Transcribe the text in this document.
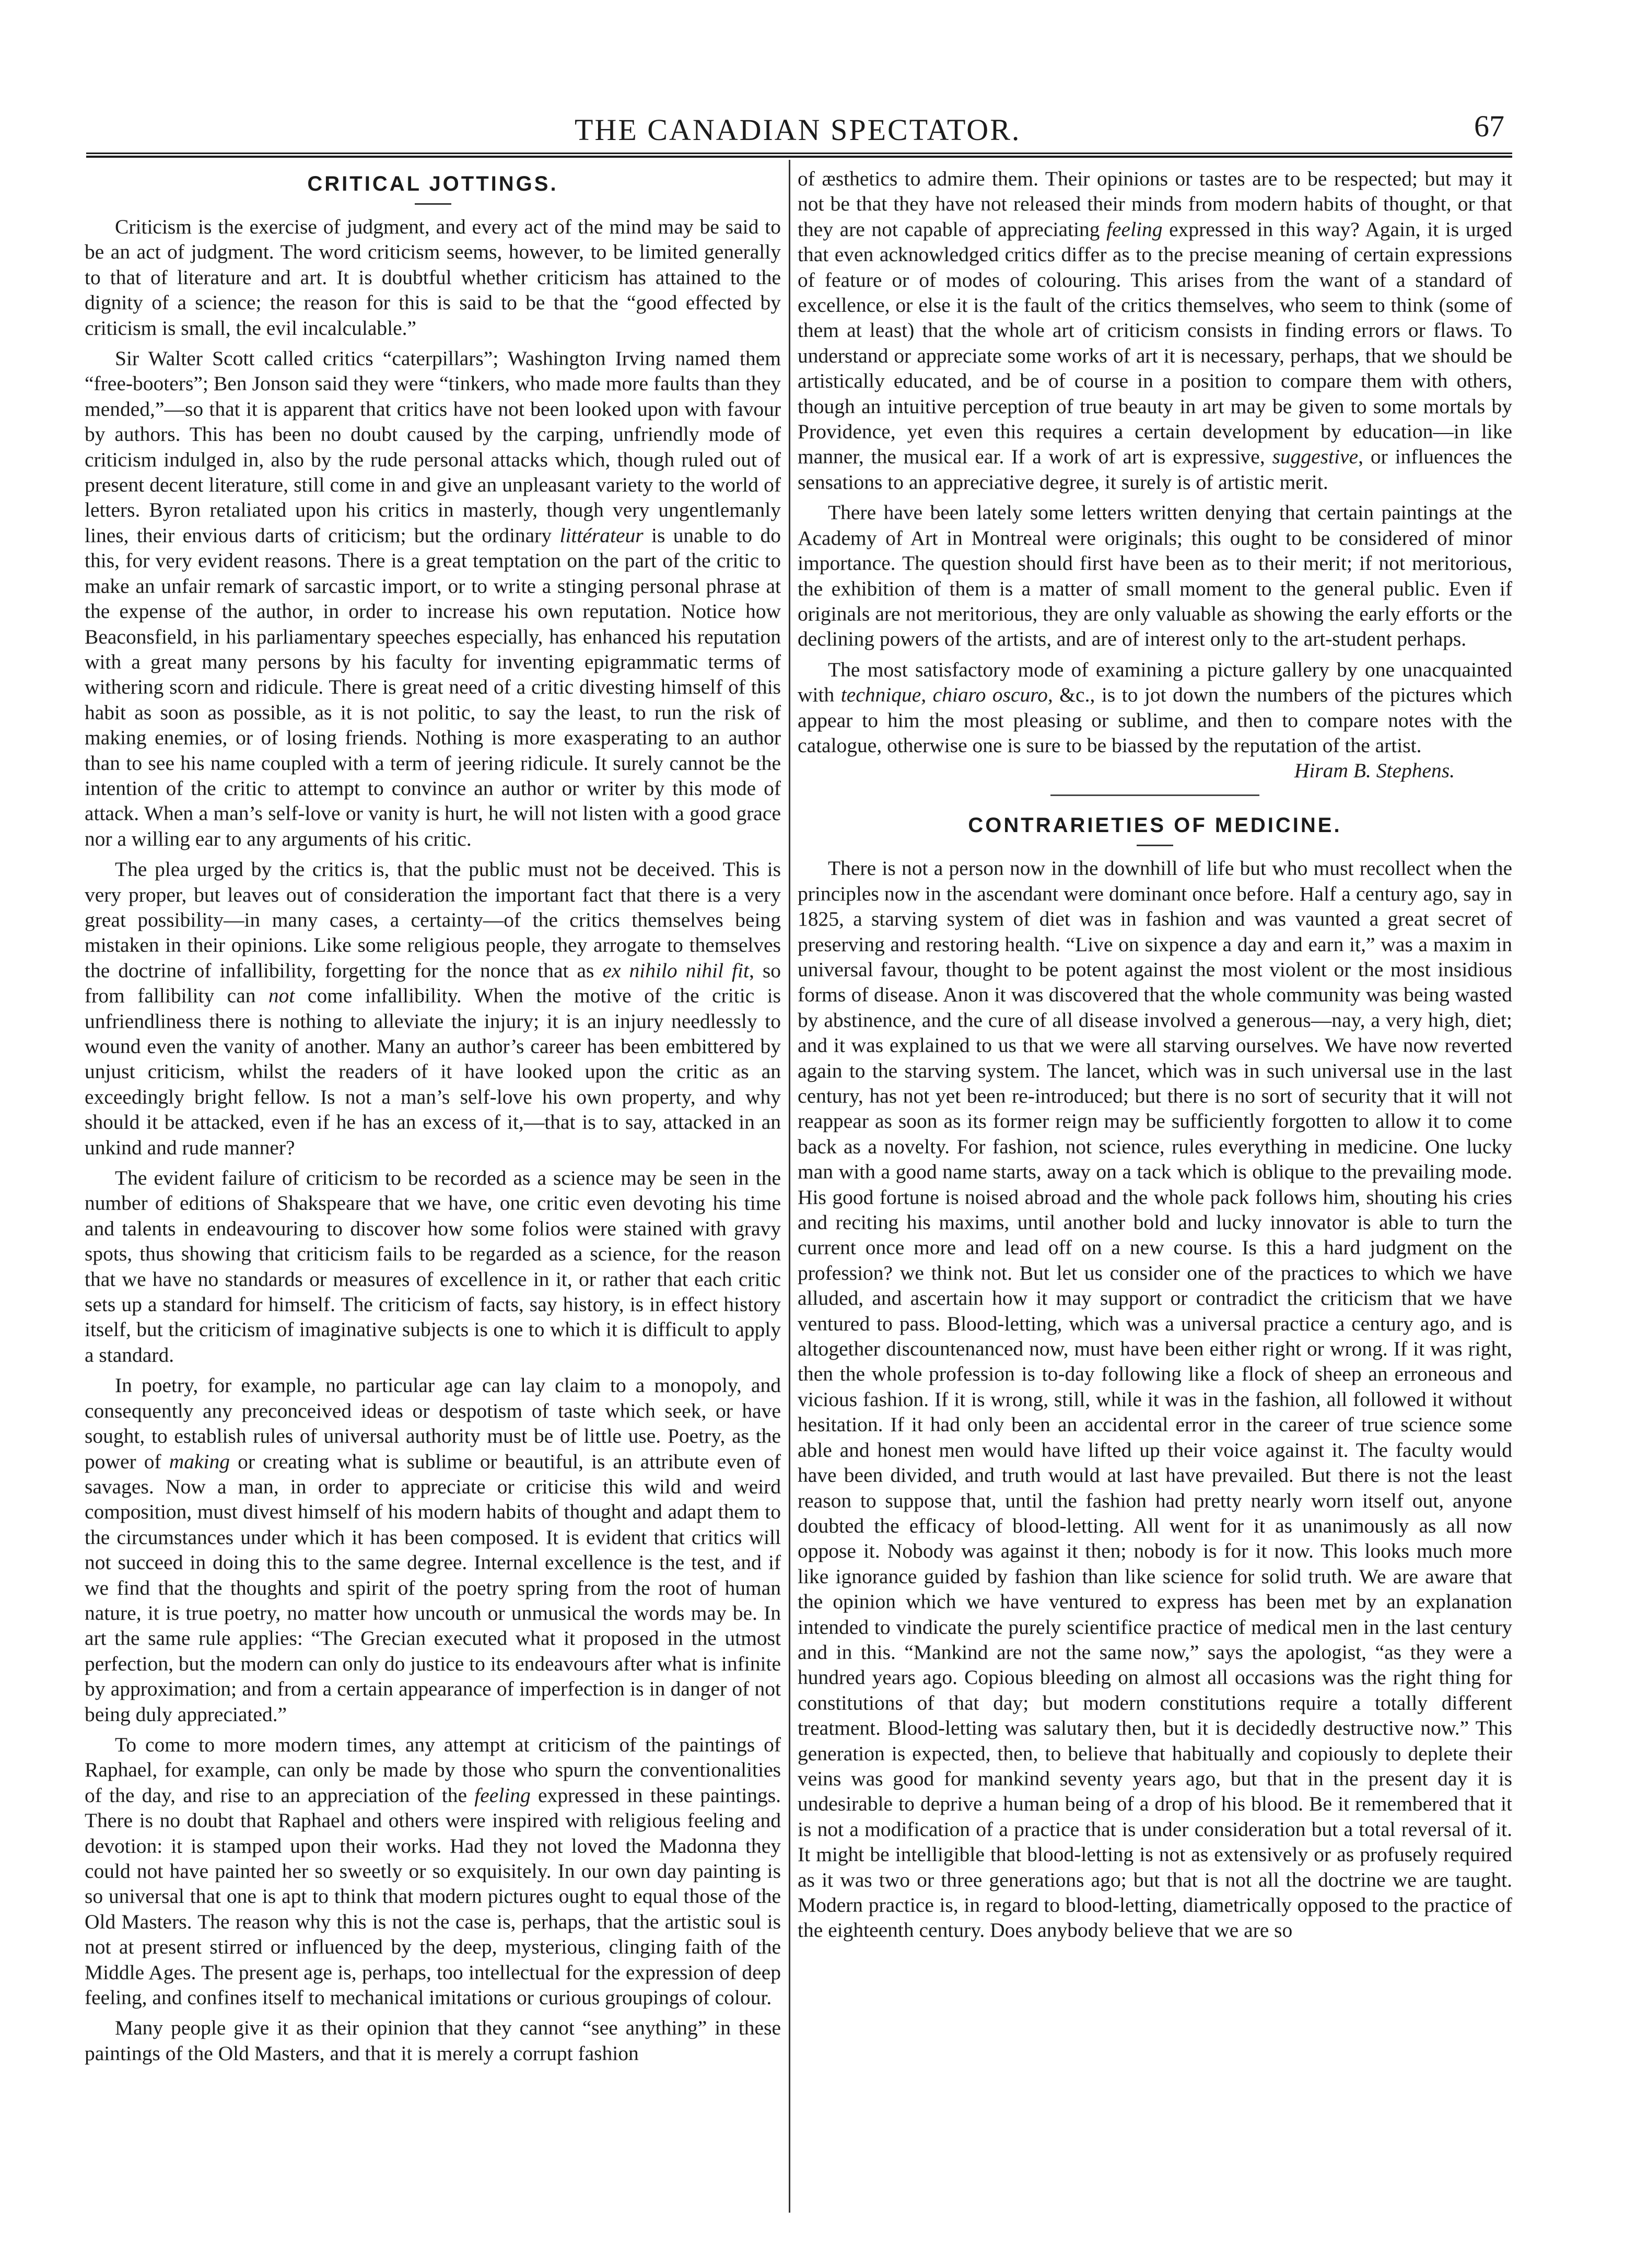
THE CANADIAN SPECTATOR.	67
CRITICAL JOTTINGS.

Criticism is the exercise of judgment, and every act of the mind may be said to be an act of judgment. The word criticism seems, however, to be limited generally to that of literature and art. It is doubtful whether criticism has attained to the dignity of a science; the reason for this is said to be that the “good effected by criticism is small, the evil incalculable.”

Sir Walter Scott called critics “caterpillars”; Washington Irving named them “free-booters”; Ben Jonson said they were “tinkers, who made more faults than they mended,”—so that it is apparent that critics have not been looked upon with favour by authors. This has been no doubt caused by the carping, unfriendly mode of criticism indulged in, also by the rude personal attacks which, though ruled out of present decent literature, still come in and give an unpleasant variety to the world of letters. Byron retaliated upon his critics in masterly, though very ungentlemanly lines, their envious darts of criticism; but the ordinary littérateur is unable to do this, for very evident reasons. There is a great temptation on the part of the critic to make an unfair remark of sarcastic import, or to write a stinging personal phrase at the expense of the author, in order to increase his own reputation. Notice how Beaconsfield, in his parliamentary speeches especially, has enhanced his reputation with a great many persons by his faculty for inventing epigrammatic terms of withering scorn and ridicule. There is great need of a critic divesting himself of this habit as soon as possible, as it is not politic, to say the least, to run the risk of making enemies, or of losing friends. Nothing is more exasperating to an author than to see his name coupled with a term of jeering ridicule. It surely cannot be the intention of the critic to attempt to convince an author or writer by this mode of attack. When a man’s self-love or vanity is hurt, he will not listen with a good grace nor a willing ear to any arguments of his critic.

The plea urged by the critics is, that the public must not be deceived. This is very proper, but leaves out of consideration the important fact that there is a very great possibility—in many cases, a certainty—of the critics themselves being mistaken in their opinions. Like some religious people, they arrogate to themselves the doctrine of infallibility, forgetting for the nonce that as ex nihilo nihil fit, so from fallibility can not come infallibility. When the motive of the critic is unfriendliness there is nothing to alleviate the injury; it is an injury needlessly to wound even the vanity of another. Many an author’s career has been embittered by unjust criticism, whilst the readers of it have looked upon the critic as an exceedingly bright fellow. Is not a man’s self-love his own property, and why should it be attacked, even if he has an excess of it,—that is to say, attacked in an unkind and rude manner?

The evident failure of criticism to be recorded as a science may be seen in the number of editions of Shakspeare that we have, one critic even devoting his time and talents in endeavouring to discover how some folios were stained with gravy spots, thus showing that criticism fails to be regarded as a science, for the reason that we have no standards or measures of excellence in it, or rather that each critic sets up a standard for himself. The criticism of facts, say history, is in effect history itself, but the criticism of imaginative subjects is one to which it is difficult to apply a standard.

In poetry, for example, no particular age can lay claim to a monopoly, and consequently any preconceived ideas or despotism of taste which seek, or have sought, to establish rules of universal authority must be of little use. Poetry, as the power of making or creating what is sublime or beautiful, is an attribute even of savages. Now a man, in order to appreciate or criticise this wild and weird composition, must divest himself of his modern habits of thought and adapt them to the circumstances under which it has been composed. It is evident that critics will not succeed in doing this to the same degree. Internal excellence is the test, and if we find that the thoughts and spirit of the poetry spring from the root of human nature, it is true poetry, no matter how uncouth or unmusical the words may be. In art the same rule applies: “The Grecian executed what it proposed in the utmost perfection, but the modern can only do justice to its endeavours after what is infinite by approximation; and from a certain appearance of imperfection is in danger of not being duly appreciated.”

To come to more modern times, any attempt at criticism of the paintings of Raphael, for example, can only be made by those who spurn the conventionalities of the day, and rise to an appreciation of the feeling expressed in these paintings. There is no doubt that Raphael and others were inspired with religious feeling and devotion: it is stamped upon their works. Had they not loved the Madonna they could not have painted her so sweetly or so exquisitely. In our own day painting is so universal that one is apt to think that modern pictures ought to equal those of the Old Masters. The reason why this is not the case is, perhaps, that the artistic soul is not at present stirred or influenced by the deep, mysterious, clinging faith of the Middle Ages. The present age is, perhaps, too intellectual for the expression of deep feeling, and confines itself to mechanical imitations or curious groupings of colour.

Many people give it as their opinion that they cannot “see anything” in these paintings of the Old Masters, and that it is merely a corrupt fashion

of æsthetics to admire them. Their opinions or tastes are to be respected; but may it not be that they have not released their minds from modern habits of thought, or that they are not capable of appreciating feeling expressed in this way? Again, it is urged that even acknowledged critics differ as to the precise meaning of certain expressions of feature or of modes of colouring. This arises from the want of a standard of excellence, or else it is the fault of the critics themselves, who seem to think (some of them at least) that the whole art of criticism consists in finding errors or flaws. To understand or appreciate some works of art it is necessary, perhaps, that we should be artistically educated, and be of course in a position to compare them with others, though an intuitive perception of true beauty in art may be given to some mortals by Providence, yet even this requires a certain development by education—in like manner, the musical ear. If a work of art is expressive, suggestive, or influences the sensations to an appreciative degree, it surely is of artistic merit.

There have been lately some letters written denying that certain paintings at the Academy of Art in Montreal were originals; this ought to be considered of minor importance. The question should first have been as to their merit; if not meritorious, the exhibition of them is a matter of small moment to the general public. Even if originals are not meritorious, they are only valuable as showing the early efforts or the declining powers of the artists, and are of interest only to the art-student perhaps.

The most satisfactory mode of examining a picture gallery by one unacquainted with technique, chiaro oscuro, &c., is to jot down the numbers of the pictures which appear to him the most pleasing or sublime, and then to compare notes with the catalogue, otherwise one is sure to be biassed by the reputation of the artist.

Hiram B. Stephens.

CONTRARIETIES OF MEDICINE.

There is not a person now in the downhill of life but who must recollect when the principles now in the ascendant were dominant once before. Half a century ago, say in 1825, a starving system of diet was in fashion and was vaunted a great secret of preserving and restoring health. “Live on sixpence a day and earn it,” was a maxim in universal favour, thought to be potent against the most violent or the most insidious forms of disease. Anon it was discovered that the whole community was being wasted by abstinence, and the cure of all disease involved a generous—nay, a very high, diet; and it was explained to us that we were all starving ourselves. We have now reverted again to the starving system. The lancet, which was in such universal use in the last century, has not yet been re-introduced; but there is no sort of security that it will not reappear as soon as its former reign may be sufficiently forgotten to allow it to come back as a novelty. For fashion, not science, rules everything in medicine. One lucky man with a good name starts, away on a tack which is oblique to the prevailing mode. His good fortune is noised abroad and the whole pack follows him, shouting his cries and reciting his maxims, until another bold and lucky innovator is able to turn the current once more and lead off on a new course. Is this a hard judgment on the profession? we think not. But let us consider one of the practices to which we have alluded, and ascertain how it may support or contradict the criticism that we have ventured to pass. Blood-letting, which was a universal practice a century ago, and is altogether discountenanced now, must have been either right or wrong. If it was right, then the whole profession is to-day following like a flock of sheep an erroneous and vicious fashion. If it is wrong, still, while it was in the fashion, all followed it without hesitation. If it had only been an accidental error in the career of true science some able and honest men would have lifted up their voice against it. The faculty would have been divided, and truth would at last have prevailed. But there is not the least reason to suppose that, until the fashion had pretty nearly worn itself out, anyone doubted the efficacy of blood-letting. All went for it as unanimously as all now oppose it. Nobody was against it then; nobody is for it now. This looks much more like ignorance guided by fashion than like science for solid truth. We are aware that the opinion which we have ventured to express has been met by an explanation intended to vindicate the purely scientifice practice of medical men in the last century and in this. “Mankind are not the same now,” says the apologist, “as they were a hundred years ago. Copious bleeding on almost all occasions was the right thing for constitutions of that day; but modern constitutions require a totally different treatment. Blood-letting was salutary then, but it is decidedly destructive now.” This generation is expected, then, to believe that habitually and copiously to deplete their veins was good for mankind seventy years ago, but that in the present day it is undesirable to deprive a human being of a drop of his blood. Be it remembered that it is not a modification of a practice that is under consideration but a total reversal of it. It might be intelligible that blood-letting is not as extensively or as profusely required as it was two or three generations ago; but that is not all the doctrine we are taught. Modern practice is, in regard to blood-letting, diametrically opposed to the practice of the eighteenth century. Does anybody believe that we are so
